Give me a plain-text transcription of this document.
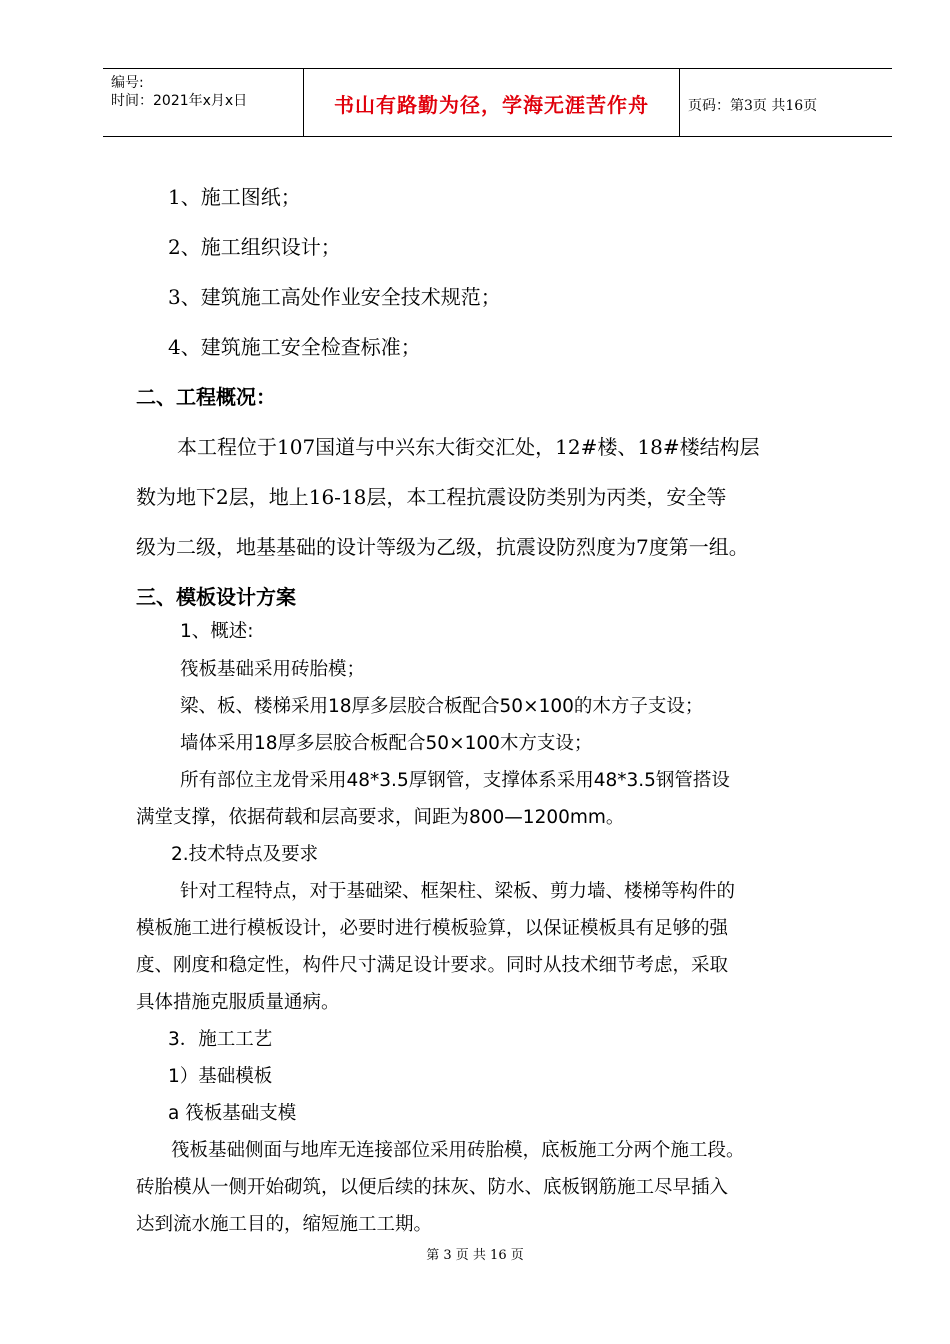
编号:
时间：2021年x月x日	书山有路勤为径，学海无涯苦作舟	页码：第3页 共16页
1、施工图纸；
2、施工组织设计；
3、建筑施工高处作业安全技术规范；
4、建筑施工安全检查标准；
二、工程概况：
本工程位于107国道与中兴东大街交汇处，12#楼、18#楼结构层
数为地下2层，地上16-18层，本工程抗震设防类别为丙类，安全等
级为二级，地基基础的设计等级为乙级，抗震设防烈度为7度第一组。
三、模板设计方案
1、概述:
筏板基础采用砖胎模；
梁、板、楼梯采用18厚多层胶合板配合50×100的木方子支设；
墙体采用18厚多层胶合板配合50×100木方支设；
所有部位主龙骨采用48*3.5厚钢管，支撑体系采用48*3.5钢管搭设
满堂支撑，依据荷载和层高要求，间距为800—1200mm。
2.技术特点及要求
针对工程特点，对于基础梁、框架柱、梁板、剪力墙、楼梯等构件的
模板施工进行模板设计，必要时进行模板验算，以保证模板具有足够的强
度、刚度和稳定性，构件尺寸满足设计要求。同时从技术细节考虑，采取
具体措施克服质量通病。
3．施工工艺
1）基础模板
a 筏板基础支模
筏板基础侧面与地库无连接部位采用砖胎模，底板施工分两个施工段。
砖胎模从一侧开始砌筑，以便后续的抹灰、防水、底板钢筋施工尽早插入
达到流水施工目的，缩短施工工期。
第 3 页 共 16 页
